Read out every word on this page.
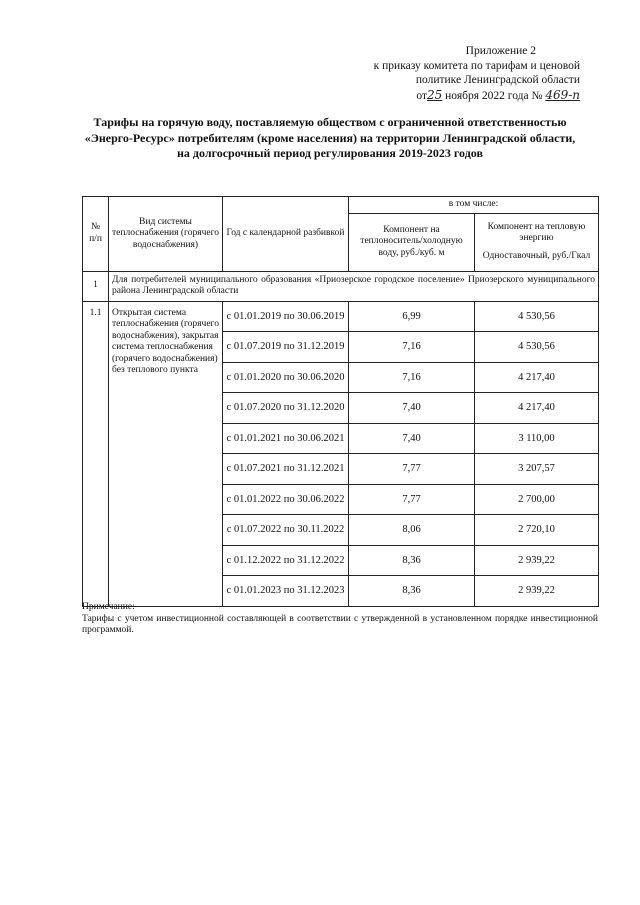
Приложение 2
к приказу комитета по тарифам и ценовой
политике Ленинградской области
от25 ноября 2022 года № 469-п
Тарифы на горячую воду, поставляемую обществом с ограниченной ответственностью
«Энерго-Ресурс» потребителям (кроме населения) на территории Ленинградской области,
на долгосрочный период регулирования 2019-2023 годов
№ п/п	Вид системы теплоснабжения (горячего водоснабжения)	Год с календарной разбивкой	в том числе:	
			Компонент на теплоноситель/холодную воду, руб./куб. м	Компонент на тепловую энергию
Одноставочный, руб./Гкал

1	Для потребителей муниципального образования «Приозерское городское поселение» Приозерского муниципального района Ленинградской области			
1.1	Открытая система теплоснабжения (горячего водоснабжения), закрытая система теплоснабжения (горячего водоснабжения) без теплового пункта	с 01.01.2019 по 30.06.2019	6,99	4 530,56
		с 01.07.2019 по 31.12.2019	7,16	4 530,56
		с 01.01.2020 по 30.06.2020	7,16	4 217,40
		с 01.07.2020 по 31.12.2020	7,40	4 217,40
		с 01.01.2021 по 30.06.2021	7,40	3 110,00
		с 01.07.2021 по 31.12.2021	7,77	3 207,57
		с 01.01.2022 по 30.06.2022	7,77	2 700,00
		с 01.07.2022 по 30.11.2022	8,06	2 720,10
		с 01.12.2022 по 31.12.2022	8,36	2 939,22
		с 01.01.2023 по 31.12.2023	8,36	2 939,22
Примечание:
Тарифы с учетом инвестиционной составляющей в соответствии с утвержденной в установленном порядке инвестиционной программой.
